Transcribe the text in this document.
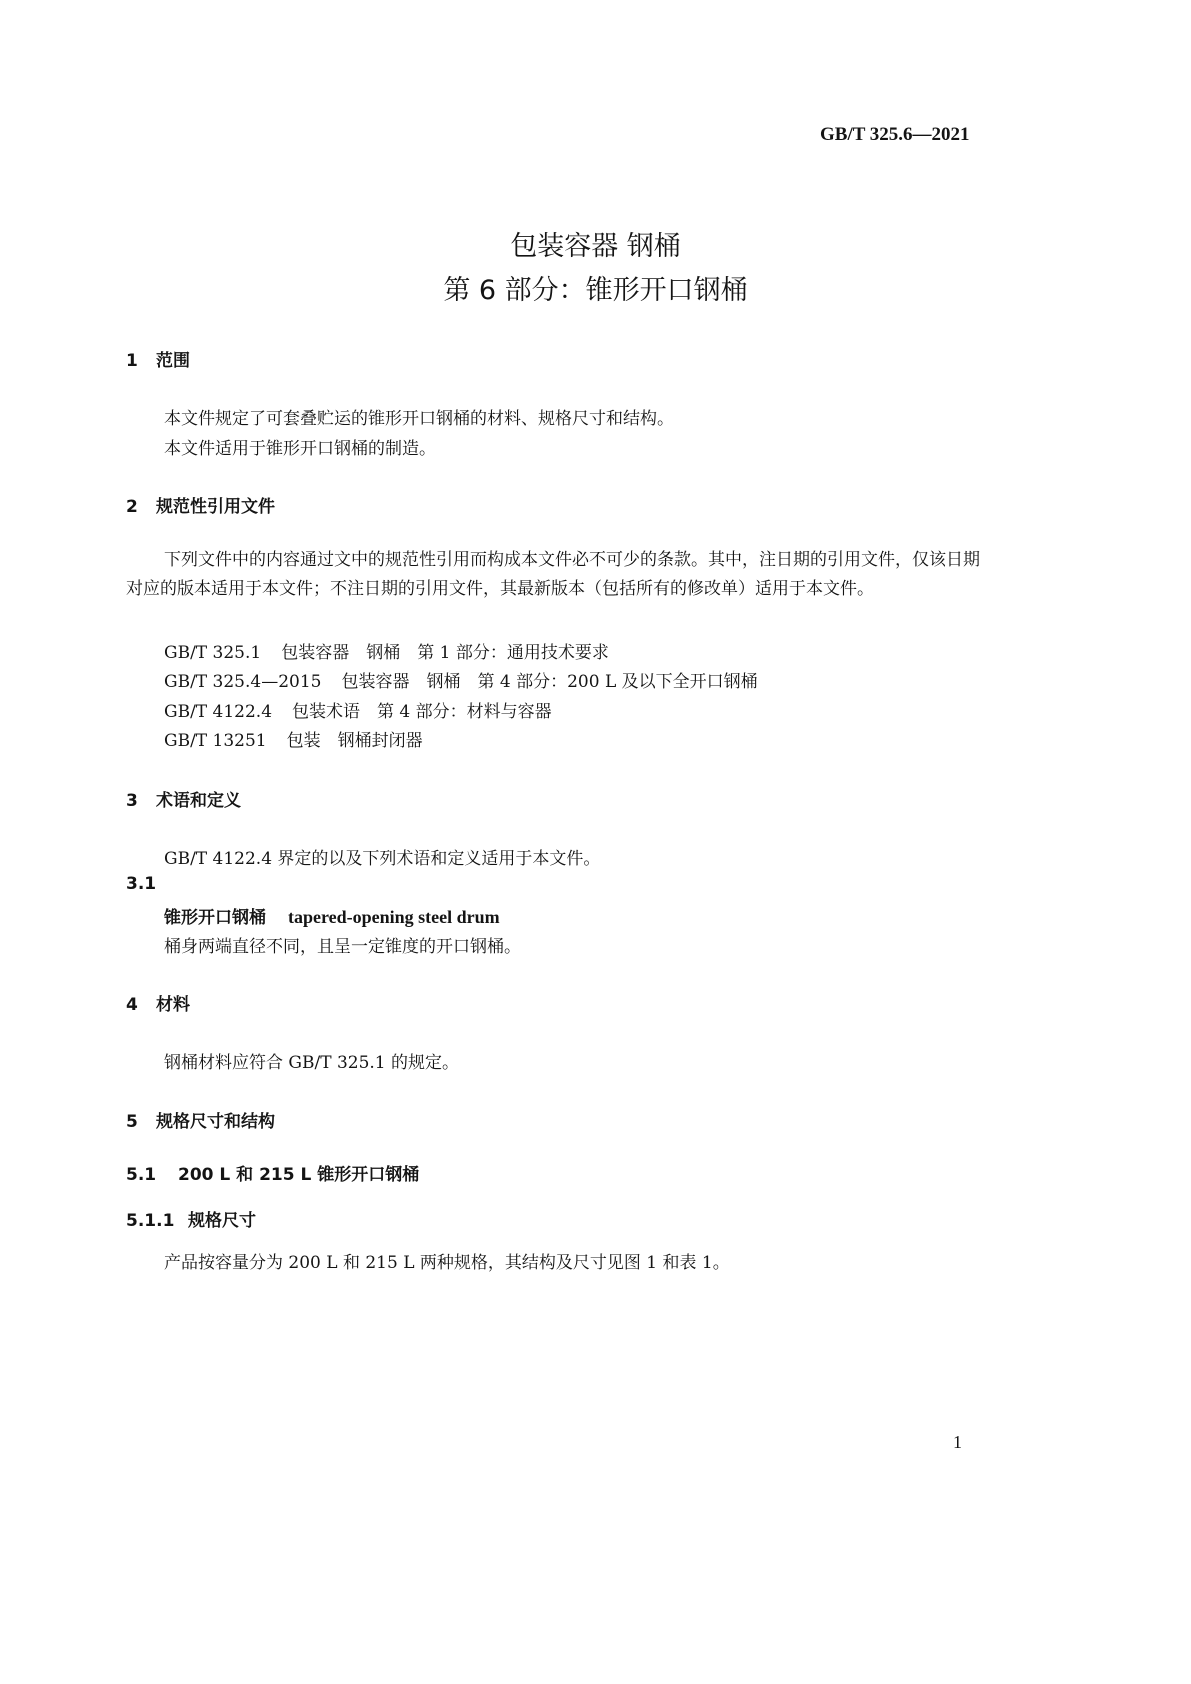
GB/T 325.6—2021
包装容器 钢桶
第 6 部分：锥形开口钢桶
1 范围
本文件规定了可套叠贮运的锥形开口钢桶的材料、规格尺寸和结构。
本文件适用于锥形开口钢桶的制造。
2 规范性引用文件
下列文件中的内容通过文中的规范性引用而构成本文件必不可少的条款。其中，注日期的引用文件，仅该日期对应的版本适用于本文件；不注日期的引用文件，其最新版本（包括所有的修改单）适用于本文件。
GB/T 325.1 包装容器　钢桶　第 1 部分：通用技术要求
GB/T 325.4—2015 包装容器　钢桶　第 4 部分：200 L 及以下全开口钢桶
GB/T 4122.4 包装术语　第 4 部分：材料与容器
GB/T 13251 包装　钢桶封闭器
3 术语和定义
GB/T 4122.4 界定的以及下列术语和定义适用于本文件。
3.1
锥形开口钢桶 tapered-opening steel drum
桶身两端直径不同，且呈一定锥度的开口钢桶。
4 材料
钢桶材料应符合 GB/T 325.1 的规定。
5 规格尺寸和结构
5.1 200 L 和 215 L 锥形开口钢桶
5.1.1 规格尺寸
产品按容量分为 200 L 和 215 L 两种规格，其结构及尺寸见图 1 和表 1。
1
